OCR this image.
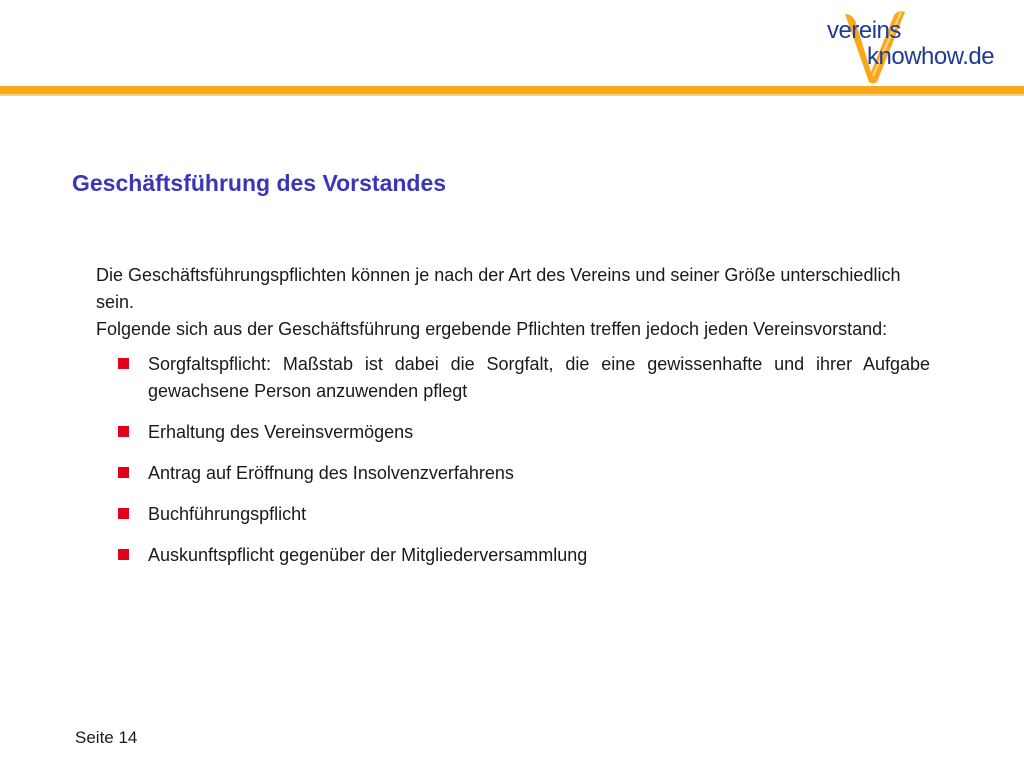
vereins
knowhow.de
Geschäftsführung des Vorstandes

Die Geschäftsführungspflichten können je nach der Art des Vereins und seiner Größe unterschiedlich sein.

Folgende sich aus der Geschäftsführung ergebende Pflichten treffen jedoch jeden Vereinsvorstand:

Sorgfaltspflicht: Maßstab ist dabei die Sorgfalt, die eine gewissenhafte und ihrer Aufgabe gewachsene Person anzuwenden pflegt
Erhaltung des Vereinsvermögens
Antrag auf Eröffnung des Insolvenzverfahrens
Buchführungspflicht
Auskunftspflicht gegenüber der Mitgliederversammlung
Seite 14
